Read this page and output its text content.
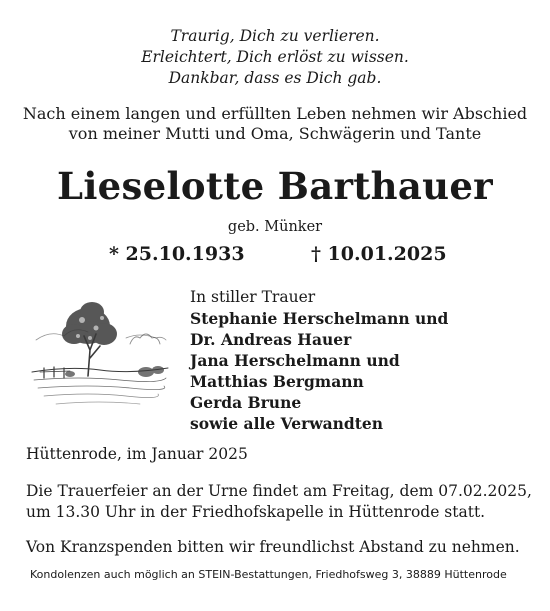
Traurig, Dich zu verlieren.
Erleichtert, Dich erlöst zu wissen.
Dankbar, dass es Dich gab.
Nach einem langen und erfüllten Leben nehmen wir Abschied
von meiner Mutti und Oma, Schwägerin und Tante
Lieselotte Barthauer
geb. Münker
* 25.10.1933	† 10.01.2025
In stiller Trauer
Stephanie Herschelmann und
Dr. Andreas Hauer
Jana Herschelmann und
Matthias Bergmann
Gerda Brune
sowie alle Verwandten
Hüttenrode, im Januar 2025
Die Trauerfeier an der Urne findet am Freitag, dem 07.02.2025,
um 13.30 Uhr in der Friedhofskapelle in Hüttenrode statt.
Von Kranzspenden bitten wir freundlichst Abstand zu nehmen.
Kondolenzen auch möglich an STEIN-Bestattungen, Friedhofsweg 3, 38889 Hüttenrode
